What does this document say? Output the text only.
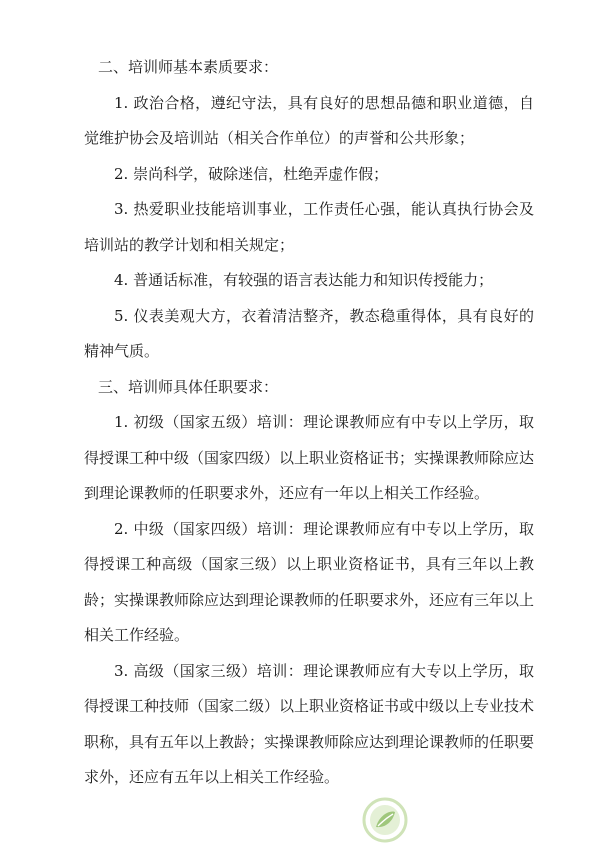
二、培训师基本素质要求：

1. 政治合格，遵纪守法，具有良好的思想品德和职业道德，自觉维护协会及培训站（相关合作单位）的声誉和公共形象；

2. 崇尚科学，破除迷信，杜绝弄虚作假；

3. 热爱职业技能培训事业，工作责任心强，能认真执行协会及培训站的教学计划和相关规定；

4. 普通话标准，有较强的语言表达能力和知识传授能力；

5. 仪表美观大方，衣着清洁整齐，教态稳重得体，具有良好的精神气质。

三、培训师具体任职要求：

1. 初级（国家五级）培训：理论课教师应有中专以上学历，取得授课工种中级（国家四级）以上职业资格证书；实操课教师除应达到理论课教师的任职要求外，还应有一年以上相关工作经验。

2. 中级（国家四级）培训：理论课教师应有中专以上学历，取得授课工种高级（国家三级）以上职业资格证书，具有三年以上教龄；实操课教师除应达到理论课教师的任职要求外，还应有三年以上相关工作经验。

3. 高级（国家三级）培训：理论课教师应有大专以上学历，取得授课工种技师（国家二级）以上职业资格证书或中级以上专业技术职称，具有五年以上教龄；实操课教师除应达到理论课教师的任职要求外，还应有五年以上相关工作经验。
